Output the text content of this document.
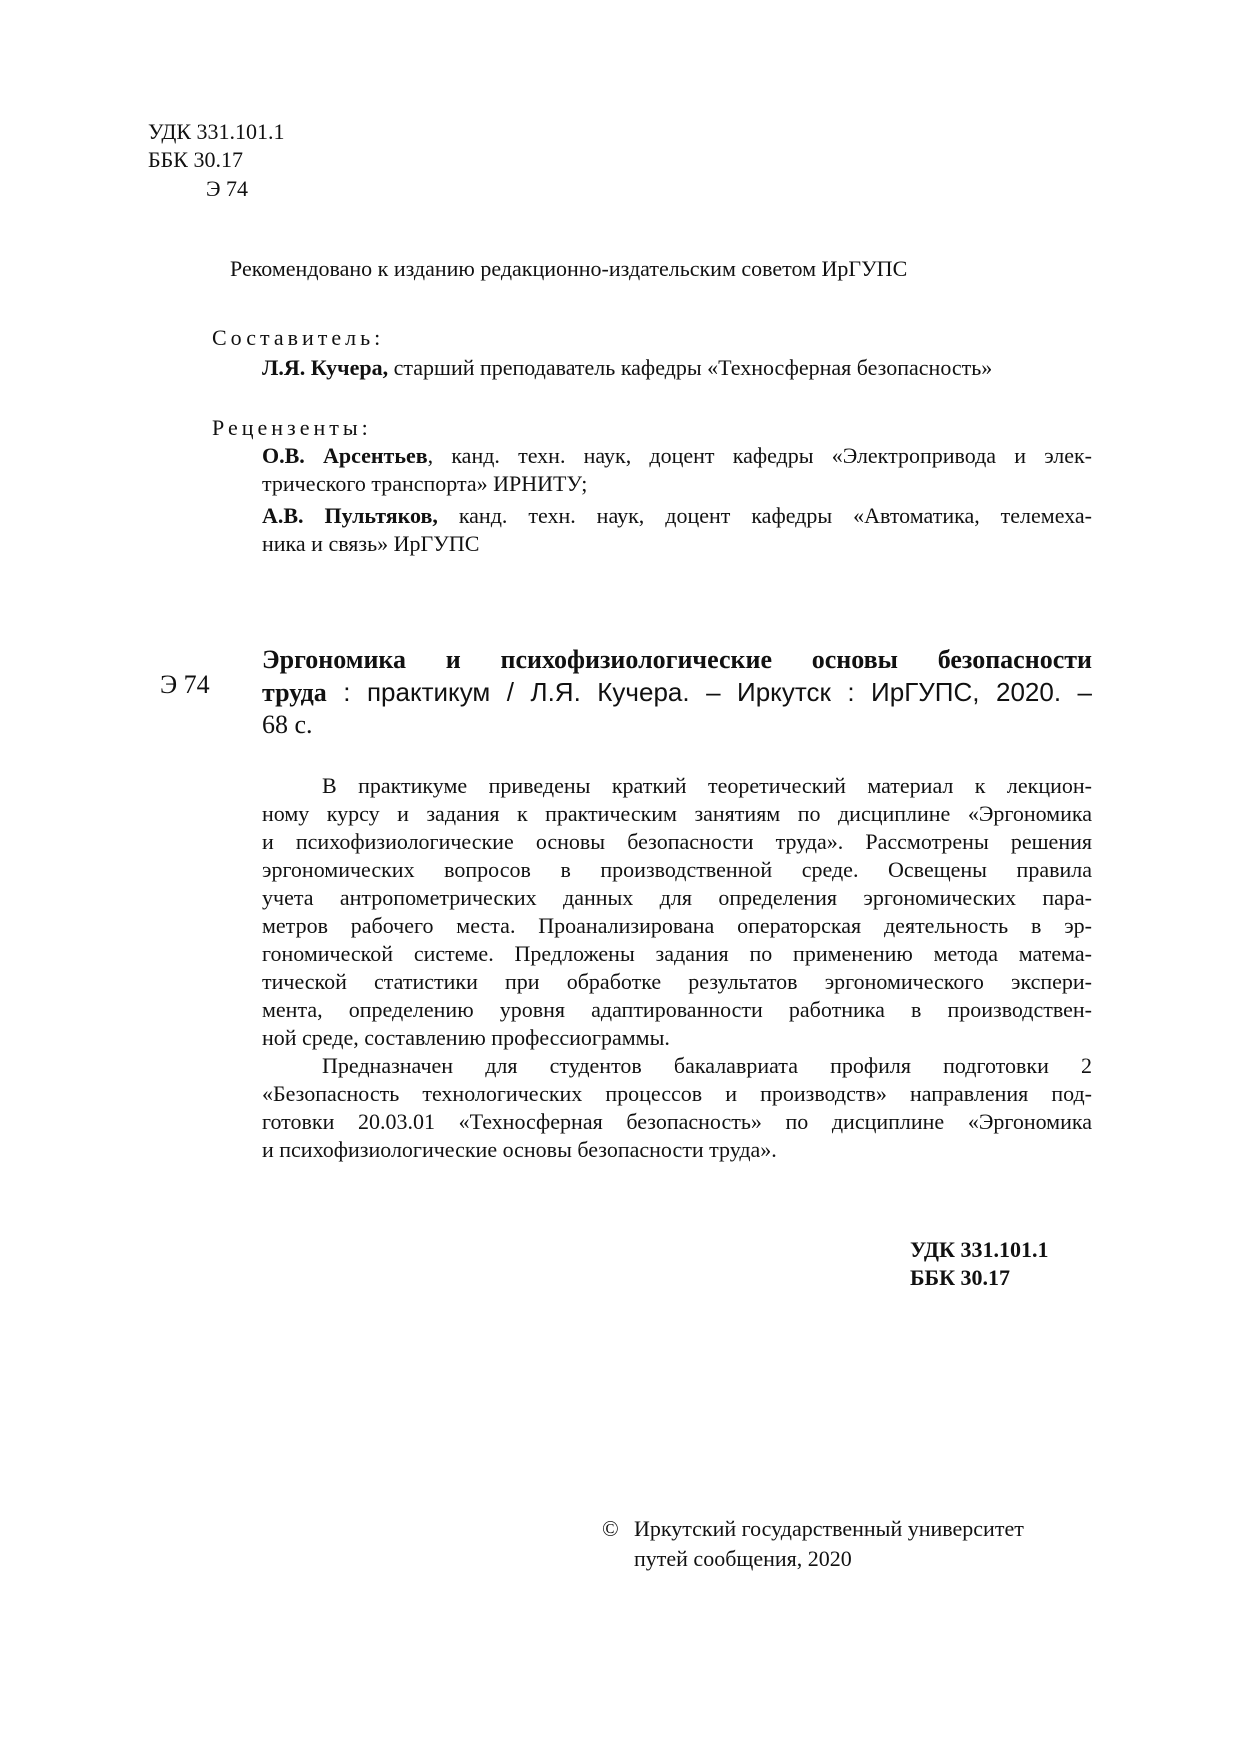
УДК 331.101.1
ББК 30.17
Э 74
Рекомендовано к изданию редакционно-издательским советом ИрГУПС
Составитель:
Л.Я. Кучера, старший преподаватель кафедры «Техносферная безопасность»
Рецензенты:

О.В. Арсентьев, канд. техн. наук, доцент кафедры «Электропривода и элек-

трического транспорта» ИРНИТУ;

А.В. Пультяков, канд. техн. наук, доцент кафедры «Автоматика, телемеха-

ника и связь» ИрГУПС

Э 74
Эргономика и психофизиологические основы безопасности
труда : практикум / Л.Я. Кучера. – Иркутск : ИрГУПС, 2020. –
68 с.
В практикуме приведены краткий теоретический материал к лекцион-
ному курсу и задания к практическим занятиям по дисциплине «Эргономика
и психофизиологические основы безопасности труда». Рассмотрены решения
эргономических вопросов в производственной среде. Освещены правила
учета антропометрических данных для определения эргономических пара-
метров рабочего места. Проанализирована операторская деятельность в эр-
гономической системе. Предложены задания по применению метода матема-
тической статистики при обработке результатов эргономического экспери-
мента, определению уровня адаптированности работника в производствен-
ной среде, составлению профессиограммы.
Предназначен для студентов бакалавриата профиля подготовки 2
«Безопасность технологических процессов и производств» направления под-
готовки 20.03.01 «Техносферная безопасность» по дисциплине «Эргономика
и психофизиологические основы безопасности труда».
УДК 331.101.1
ББК 30.17
© Иркутский государственный университет
путей сообщения, 2020
